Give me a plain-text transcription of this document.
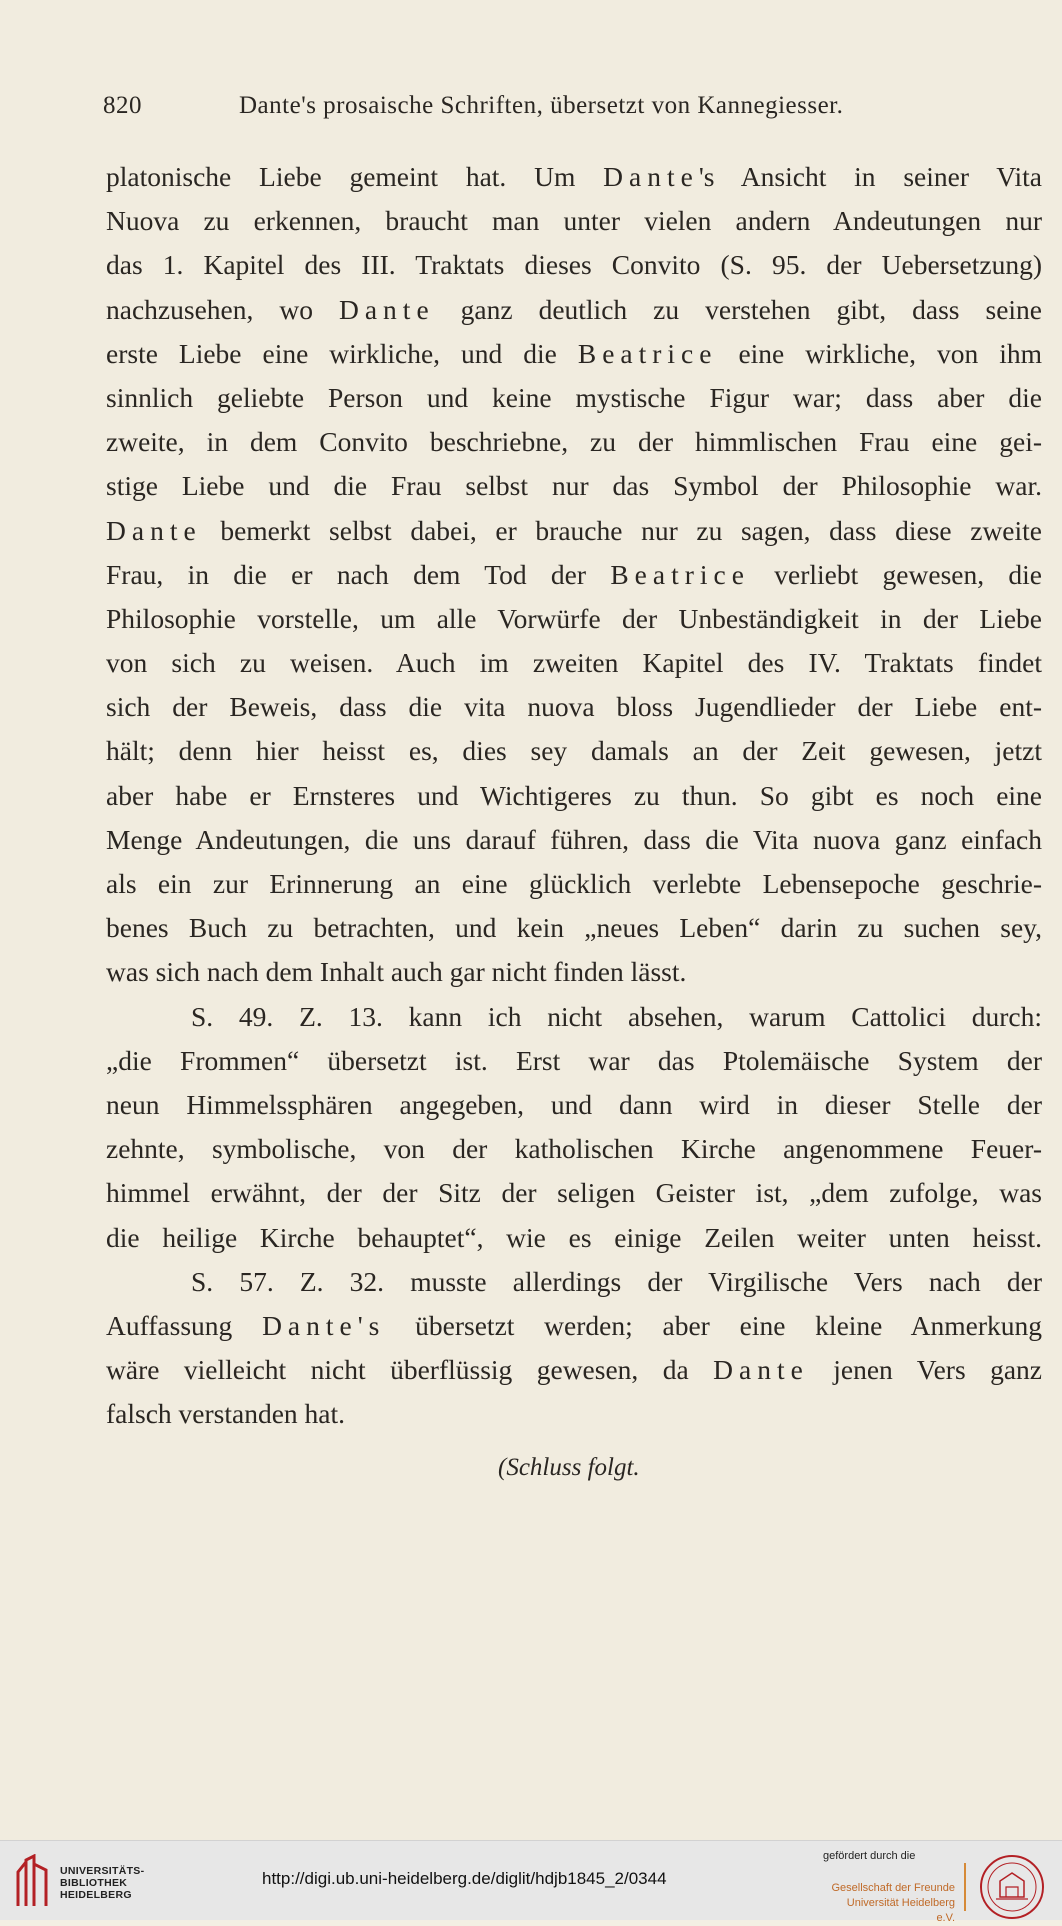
820	Dante's prosaische Schriften, übersetzt von Kannegiesser.
platonische Liebe gemeint hat. Um Dante's Ansicht in seiner Vita
Nuova zu erkennen, braucht man unter vielen andern Andeutungen nur
das 1. Kapitel des III. Traktats dieses Convito (S. 95. der Uebersetzung)
nachzusehen, wo Dante ganz deutlich zu verstehen gibt, dass seine
erste Liebe eine wirkliche, und die Beatrice eine wirkliche, von ihm
sinnlich geliebte Person und keine mystische Figur war; dass aber die
zweite, in dem Convito beschriebne, zu der himmlischen Frau eine gei-
stige Liebe und die Frau selbst nur das Symbol der Philosophie war.
Dante bemerkt selbst dabei, er brauche nur zu sagen, dass diese zweite
Frau, in die er nach dem Tod der Beatrice verliebt gewesen, die
Philosophie vorstelle, um alle Vorwürfe der Unbeständigkeit in der Liebe
von sich zu weisen. Auch im zweiten Kapitel des IV. Traktats findet
sich der Beweis, dass die vita nuova bloss Jugendlieder der Liebe ent-
hält; denn hier heisst es, dies sey damals an der Zeit gewesen, jetzt
aber habe er Ernsteres und Wichtigeres zu thun. So gibt es noch eine
Menge Andeutungen, die uns darauf führen, dass die Vita nuova ganz einfach
als ein zur Erinnerung an eine glücklich verlebte Lebensepoche geschrie-
benes Buch zu betrachten, und kein „neues Leben“ darin zu suchen sey,
was sich nach dem Inhalt auch gar nicht finden lässt.
S. 49. Z. 13. kann ich nicht absehen, warum Cattolici durch:
„die Frommen“ übersetzt ist. Erst war das Ptolemäische System der
neun Himmelssphären angegeben, und dann wird in dieser Stelle der
zehnte, symbolische, von der katholischen Kirche angenommene Feuer-
himmel erwähnt, der der Sitz der seligen Geister ist, „dem zufolge, was
die heilige Kirche behauptet“, wie es einige Zeilen weiter unten heisst.
S. 57. Z. 32. musste allerdings der Virgilische Vers nach der
Auffassung Dante's übersetzt werden; aber eine kleine Anmerkung
wäre vielleicht nicht überflüssig gewesen, da Dante jenen Vers ganz
falsch verstanden hat.
(Schluss folgt.
UNIVERSITÄTS-
BIBLIOTHEK
HEIDELBERG
http://digi.ub.uni-heidelberg.de/diglit/hdjb1845_2/0344
gefördert durch die
Gesellschaft der Freunde
Universität Heidelberg e.V.
